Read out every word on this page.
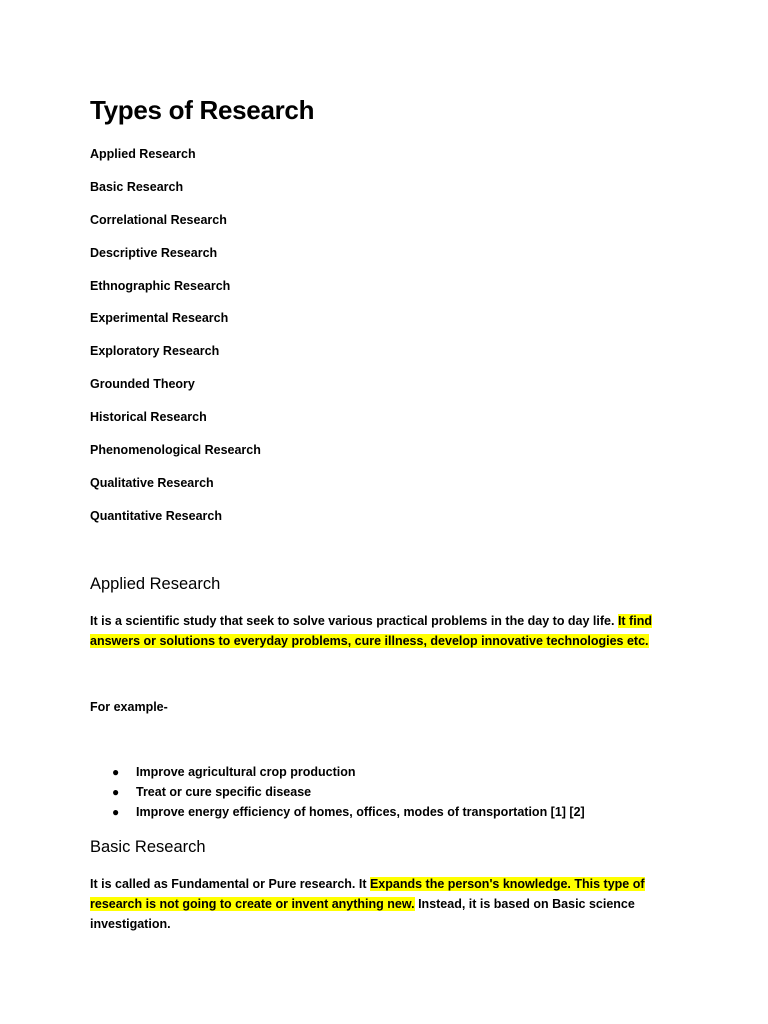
Types of Research
Applied Research
Basic Research
Correlational Research
Descriptive Research
Ethnographic Research
Experimental Research
Exploratory Research
Grounded Theory
Historical Research
Phenomenological Research
Qualitative Research
Quantitative Research
Applied Research

It is a scientific study that seek to solve various practical problems in the day to day life. It find answers or solutions to everyday problems, cure illness, develop innovative technologies etc.

For example-

● Improve agricultural crop production
● Treat or cure specific disease
● Improve energy efficiency of homes, offices, modes of transportation [1] [2]
Basic Research

It is called as Fundamental or Pure research. It Expands the person's knowledge. This type of research is not going to create or invent anything new. Instead, it is based on Basic science investigation.
